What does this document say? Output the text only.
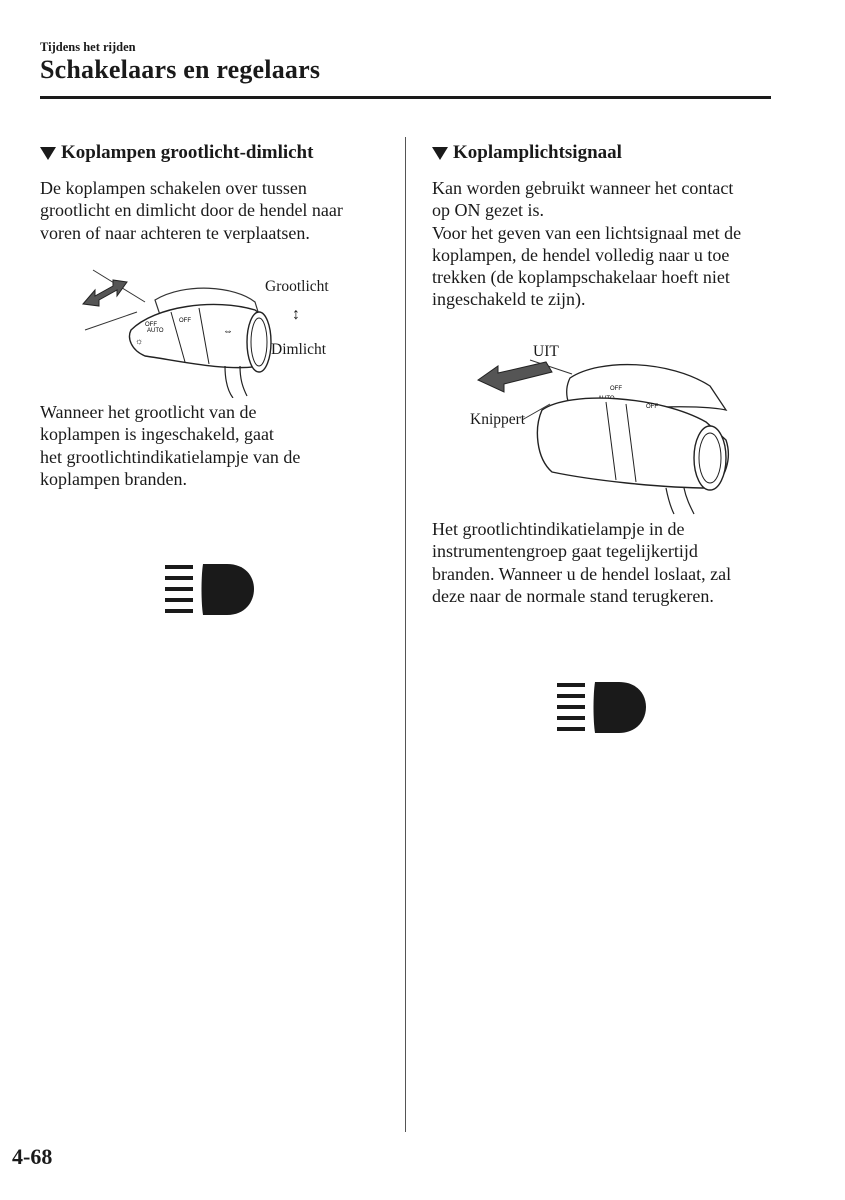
Tijdens het rijden
Schakelaars en regelaars
Koplampen grootlicht-dimlicht
De koplampen schakelen over tussen
grootlicht en dimlicht door de hendel naar
voren of naar achteren te verplaatsen.
OFF
AUTO
OFF
☼
⇔
Grootlicht
↕
Dimlicht
Wanneer het grootlicht van de
koplampen is ingeschakeld, gaat
het grootlichtindikatielampje van de
koplampen branden.
Koplamplichtsignaal
Kan worden gebruikt wanneer het contact
op ON gezet is.
Voor het geven van een lichtsignaal met de
koplampen, de hendel volledig naar u toe
trekken (de koplampschakelaar hoeft niet
ingeschakeld te zijn).
OFF
OFF
UIT
Knippert
Het grootlichtindikatielampje in de
instrumentengroep gaat tegelijkertijd
branden. Wanneer u de hendel loslaat, zal
deze naar de normale stand terugkeren.
4-68
